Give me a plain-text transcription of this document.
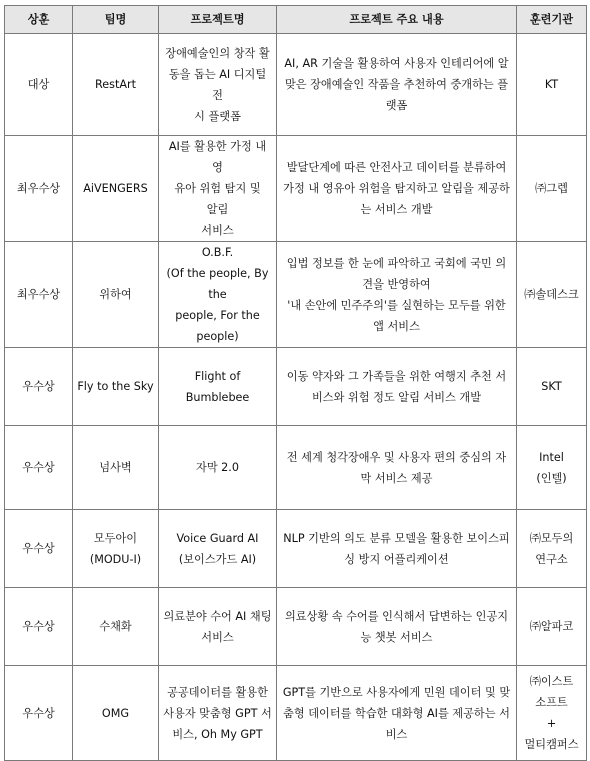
상훈	팀명	프로젝트명	프로젝트 주요 내용	훈련기관
대상	RestArt	장애예술인의 창작 활
동을 돕는 AI 디지털 전
시 플랫폼	AI, AR 기술을 활용하여 사용자 인테리어에 알
맞은 장애예술인 작품을 추천하여 중개하는 플
랫폼	KT

최우수상	AiVENGERS	AI를 활용한 가정 내 영
유아 위험 탐지 및 알림
서비스	발달단계에 따른 안전사고 데이터를 분류하여
가정 내 영유아 위험을 탐지하고 알림을 제공하
는 서비스 개발	㈜그렙

최우수상	위하여	O.B.F.
(Of the people, By the
people, For the people)	입법 정보를 한 눈에 파악하고 국회에 국민 의
견을 반영하여
'내 손안에 민주주의'를 실현하는 모두를 위한
앱 서비스	㈜솔데스크

우수상	Fly to the Sky	Flight of Bumblebee	이동 약자와 그 가족들을 위한 여행지 추천 서
비스와 위험 정도 알림 서비스 개발	SKT

우수상	넘사벽	자막 2.0	전 세계 청각장애우 및 사용자 편의 중심의 자
막 서비스 제공	Intel
(인텔)

우수상	모두아이
(MODU-I)	Voice Guard AI
(보이스가드 AI)	NLP 기반의 의도 분류 모델을 활용한 보이스피
싱 방지 어플리케이션	㈜모두의
연구소

우수상	수채화	의료분야 수어 AI 채팅
서비스	의료상황 속 수어를 인식해서 답변하는 인공지
능 챗봇 서비스	㈜알파코

우수상	OMG	공공데이터를 활용한
사용자 맞춤형 GPT 서
비스, Oh My GPT	GPT를 기반으로 사용자에게 민원 데이터 및 맞
춤형 데이터를 학습한 대화형 AI를 제공하는 서
비스	㈜이스트
소프트
+
멀티캠퍼스
